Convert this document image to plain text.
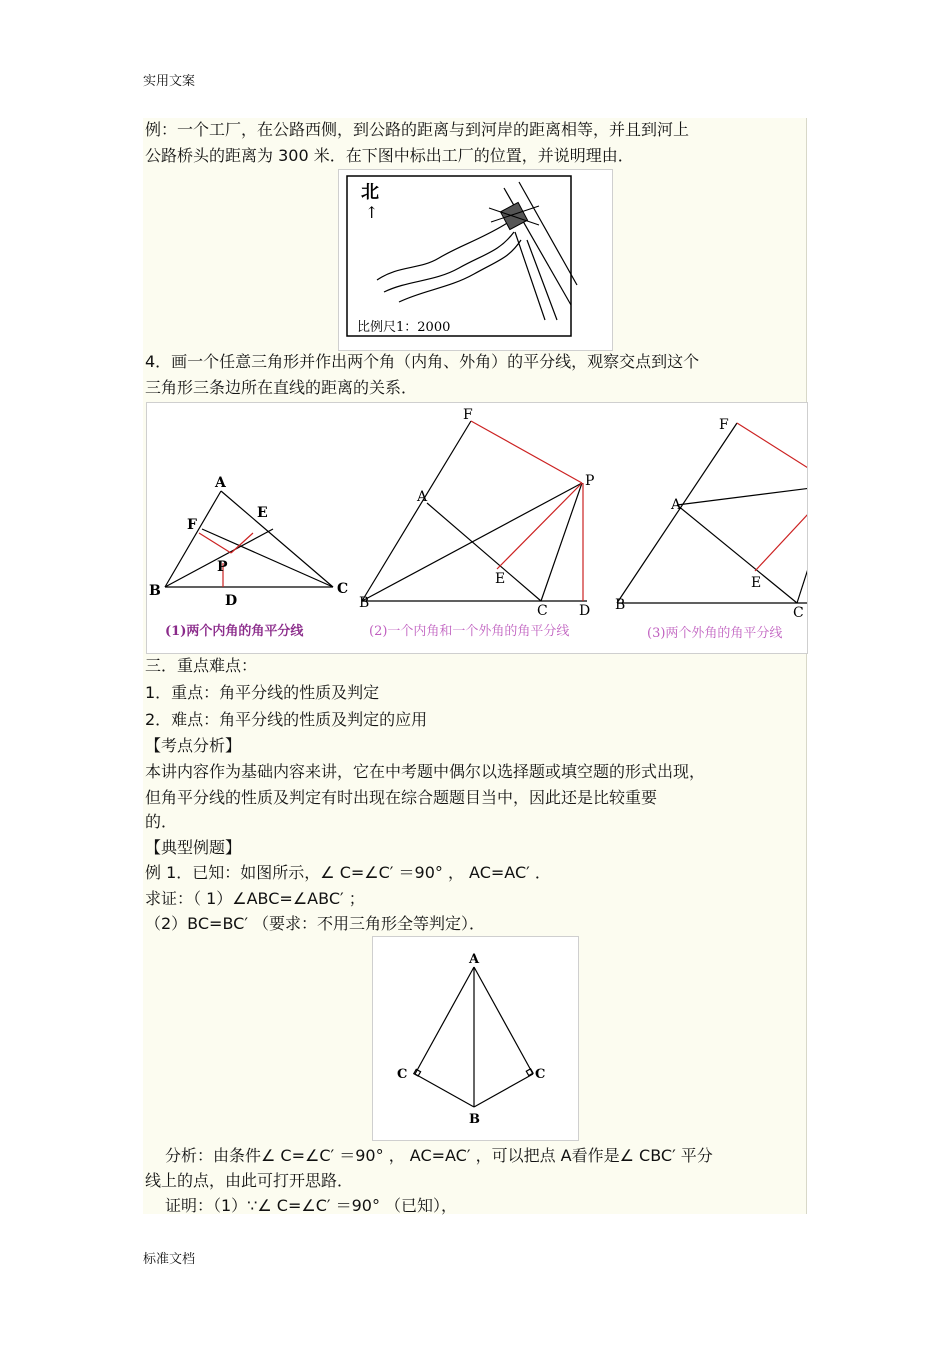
实用文案
例：一个工厂，在公路西侧，到公路的距离与到河岸的距离相等，并且到河上
公路桥头的距离为 300 米．在下图中标出工厂的位置，并说明理由．
北
↑
比例尺1：2000
4．画一个任意三角形并作出两个角（内角、外角）的平分线，观察交点到这个
三角形三条边所在直线的距离的关系．
A
B	C
D
E
F
P
A
B	C D
E
F
P
A
B	C
E
F
(1)两个内角的角平分线	(2)一个内角和一个外角的角平分线	(3)两个外角的角平分线
三．重点难点：
1．重点：角平分线的性质及判定
2．难点：角平分线的性质及判定的应用
【考点分析】
本讲内容作为基础内容来讲，它在中考题中偶尔以选择题或填空题的形式出现，
但角平分线的性质及判定有时出现在综合题题目当中，因此还是比较重要
的．
【典型例题】
例 1．已知：如图所示，∠ C=∠C′ ＝90° ， AC=AC′ ．
求证：（ 1）∠ABC=∠ABC′ ；
（2）BC=BC′ （要求：不用三角形全等判定）．
A
B
C	C
分析：由条件∠ C=∠C′ ＝90° ， AC=AC′ ，可以把点 A看作是∠ CBC′ 平分
线上的点，由此可打开思路．
证明：（1）∵∠ C=∠C′ ＝90° （已知），
标准文档
